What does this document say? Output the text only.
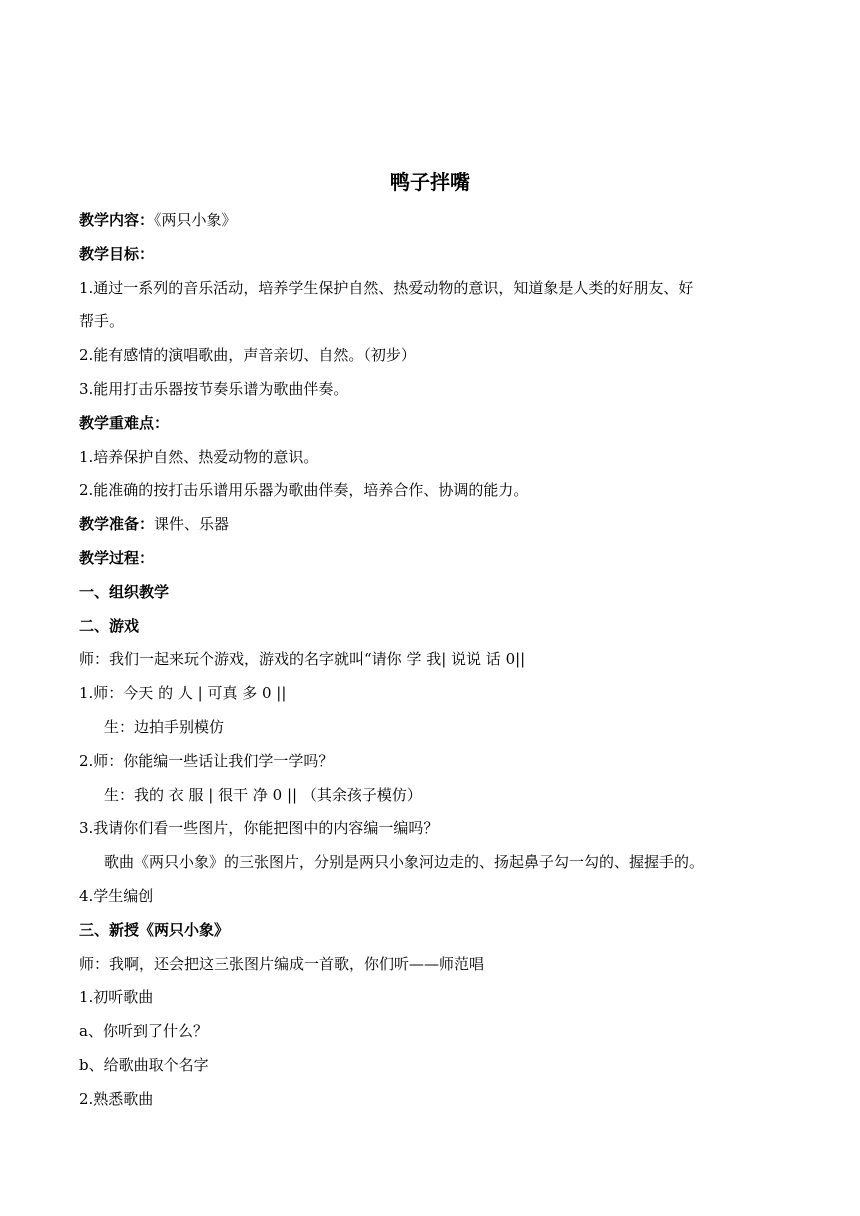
鸭子拌嘴
教学内容：《两只小象》
教学目标：
1.通过一系列的音乐活动，培养学生保护自然、热爱动物的意识，知道象是人类的好朋友、好
帮手。
2.能有感情的演唱歌曲，声音亲切、自然。（初步）
3.能用打击乐器按节奏乐谱为歌曲伴奏。
教学重难点：
1.培养保护自然、热爱动物的意识。
2.能准确的按打击乐谱用乐器为歌曲伴奏，培养合作、协调的能力。
教学准备：课件、乐器
教学过程：
一、组织教学
二、游戏
师：我们一起来玩个游戏，游戏的名字就叫“请你 学 我| 说说 话 0||
1.师：今天 的 人 | 可真 多 0 ||
生：边拍手别模仿
2.师：你能编一些话让我们学一学吗？
生：我的 衣 服 | 很干 净 0 || （其余孩子模仿）
3.我请你们看一些图片，你能把图中的内容编一编吗？
歌曲《两只小象》的三张图片，分别是两只小象河边走的、扬起鼻子勾一勾的、握握手的。
4.学生编创
三、新授《两只小象》
师：我啊，还会把这三张图片编成一首歌，你们听——师范唱
1.初听歌曲
a、你听到了什么？
b、给歌曲取个名字
2.熟悉歌曲
